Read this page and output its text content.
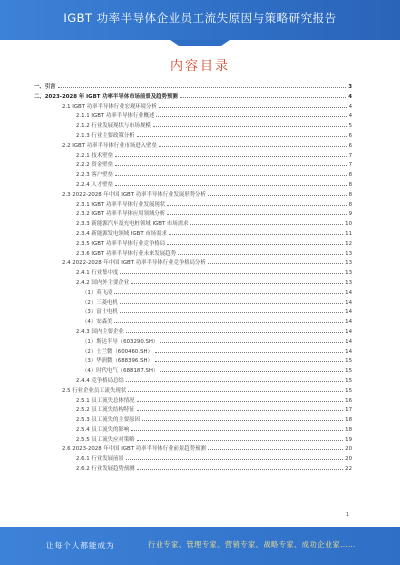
IGBT 功率半导体企业员工流失原因与策略研究报告
内容目录
一、引言	3
二、2023-2028 年 IGBT 功率半导体市场前景及趋势预测	4
2.1 IGBT 功率半导体行业宏观环境分析	4
2.1.1 IGBT 功率半导体行业概述	4
2.1.2 行业发展现状与市场规模	5
2.1.3 行业主要政策分析	6
2.2 IGBT 功率半导体行业市场进入壁垒	6
2.2.1 技术壁垒	7
2.2.2 资金壁垒	7
2.2.3 客户壁垒	8
2.2.4 人才壁垒	8
2.3 2022-2028 年中国 IGBT 功率半导体行业发展形势分析	8
2.3.1 IGBT 功率半导体行业发展现状	8
2.3.2 IGBT 功率半导体应用领域分析	9
2.3.3 新能源汽车及充电桩领域 IGBT 市场需求	10
2.3.4 新能源发电领域 IGBT 市场需求	11
2.3.5 IGBT 功率半导体行业竞争格局	12
2.3.6 IGBT 功率半导体行业未来发展趋势	13
2.4 2022-2028 年中国 IGBT 功率半导体行业竞争格局分析	13
2.4.1 行业集中度	13
2.4.2 国内外主要企业	13
（1）英飞凌	14
（2）三菱电机	14
（3）富士电机	14
（4）安森美	14
2.4.3 国内主要企业	14
（1）斯达半导（603290.SH）	14
（2）士兰微（600460.SH）	14
（3）华润微（688396.SH）	15
（4）时代电气（688187.SH）	15
2.4.4 竞争格局总结	15
2.5 行业企业员工流失现状	15
2.5.1 员工流失总体情况	16
2.5.2 员工流失结构特征	17
2.5.3 员工流失的主要原因	18
2.5.4 员工流失的影响	18
2.5.5 员工流失应对策略	19
2.6 2023-2028 年中国 IGBT 功率半导体行业前景趋势预测	20
2.6.1 行业发展前景	20
2.6.2 行业发展趋势预测	22
1
让每个人都能成为	行业专家、管理专家、营销专家、战略专家、成功企业家……
